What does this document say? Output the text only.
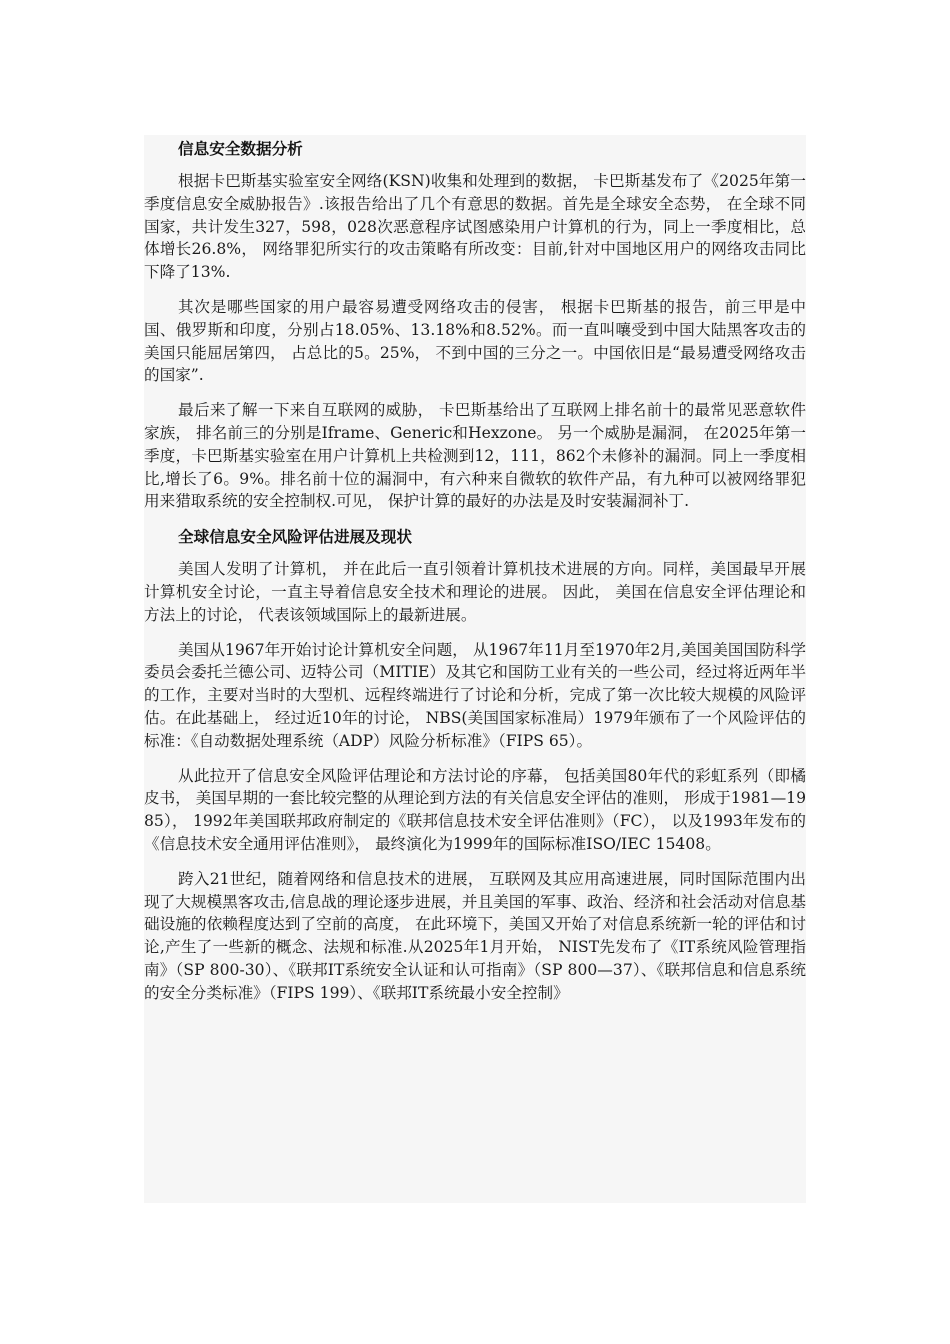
信息安全数据分析

根据卡巴斯基实验室安全网络(KSN)收集和处理到的数据， 卡巴斯基发布了《2025年第一季度信息安全威胁报告》.该报告给出了几个有意思的数据。首先是全球安全态势， 在全球不同国家，共计发生327，598，028次恶意程序试图感染用户计算机的行为，同上一季度相比，总体增长26.8%， 网络罪犯所实行的攻击策略有所改变：目前,针对中国地区用户的网络攻击同比下降了13%.

其次是哪些国家的用户最容易遭受网络攻击的侵害， 根据卡巴斯基的报告，前三甲是中国、俄罗斯和印度，分别占18.05%、13.18%和8.52%。而一直叫嚷受到中国大陆黑客攻击的美国只能屈居第四， 占总比的5。25%， 不到中国的三分之一。中国依旧是“最易遭受网络攻击的国家”.

最后来了解一下来自互联网的威胁， 卡巴斯基给出了互联网上排名前十的最常见恶意软件家族， 排名前三的分别是Iframe、Generic和Hexzone。 另一个威胁是漏洞， 在2025年第一季度，卡巴斯基实验室在用户计算机上共检测到12，111，862个未修补的漏洞。同上一季度相比,增长了6。9%。排名前十位的漏洞中，有六种来自微软的软件产品，有九种可以被网络罪犯用来猎取系统的安全控制权.可见， 保护计算的最好的办法是及时安装漏洞补丁.

全球信息安全风险评估进展及现状

美国人发明了计算机， 并在此后一直引领着计算机技术进展的方向。同样，美国最早开展计算机安全讨论，一直主导着信息安全技术和理论的进展。 因此， 美国在信息安全评估理论和方法上的讨论， 代表该领域国际上的最新进展。

美国从1967年开始讨论计算机安全问题， 从1967年11月至1970年2月,美国美国国防科学委员会委托兰德公司、迈特公司（MITIE）及其它和国防工业有关的一些公司，经过将近两年半的工作，主要对当时的大型机、远程终端进行了讨论和分析，完成了第一次比较大规模的风险评估。在此基础上， 经过近10年的讨论， NBS(美国国家标准局）1979年颁布了一个风险评估的标准：《自动数据处理系统（ADP）风险分析标准》（FIPS 65）。

从此拉开了信息安全风险评估理论和方法讨论的序幕， 包括美国80年代的彩虹系列（即橘皮书， 美国早期的一套比较完整的从理论到方法的有关信息安全评估的准则， 形成于1981—1985）， 1992年美国联邦政府制定的《联邦信息技术安全评估准则》（FC）， 以及1993年发布的《信息技术安全通用评估准则》， 最终演化为1999年的国际标准ISO/IEC 15408。

跨入21世纪，随着网络和信息技术的进展， 互联网及其应用高速进展，同时国际范围内出现了大规模黑客攻击,信息战的理论逐步进展，并且美国的军事、政治、经济和社会活动对信息基础设施的依赖程度达到了空前的高度， 在此环境下，美国又开始了对信息系统新一轮的评估和讨论,产生了一些新的概念、法规和标准.从2025年1月开始， NIST先发布了《IT系统风险管理指南》（SP 800-30）、《联邦IT系统安全认证和认可指南》（SP 800—37）、《联邦信息和信息系统的安全分类标准》（FIPS 199）、《联邦IT系统最小安全控制》
